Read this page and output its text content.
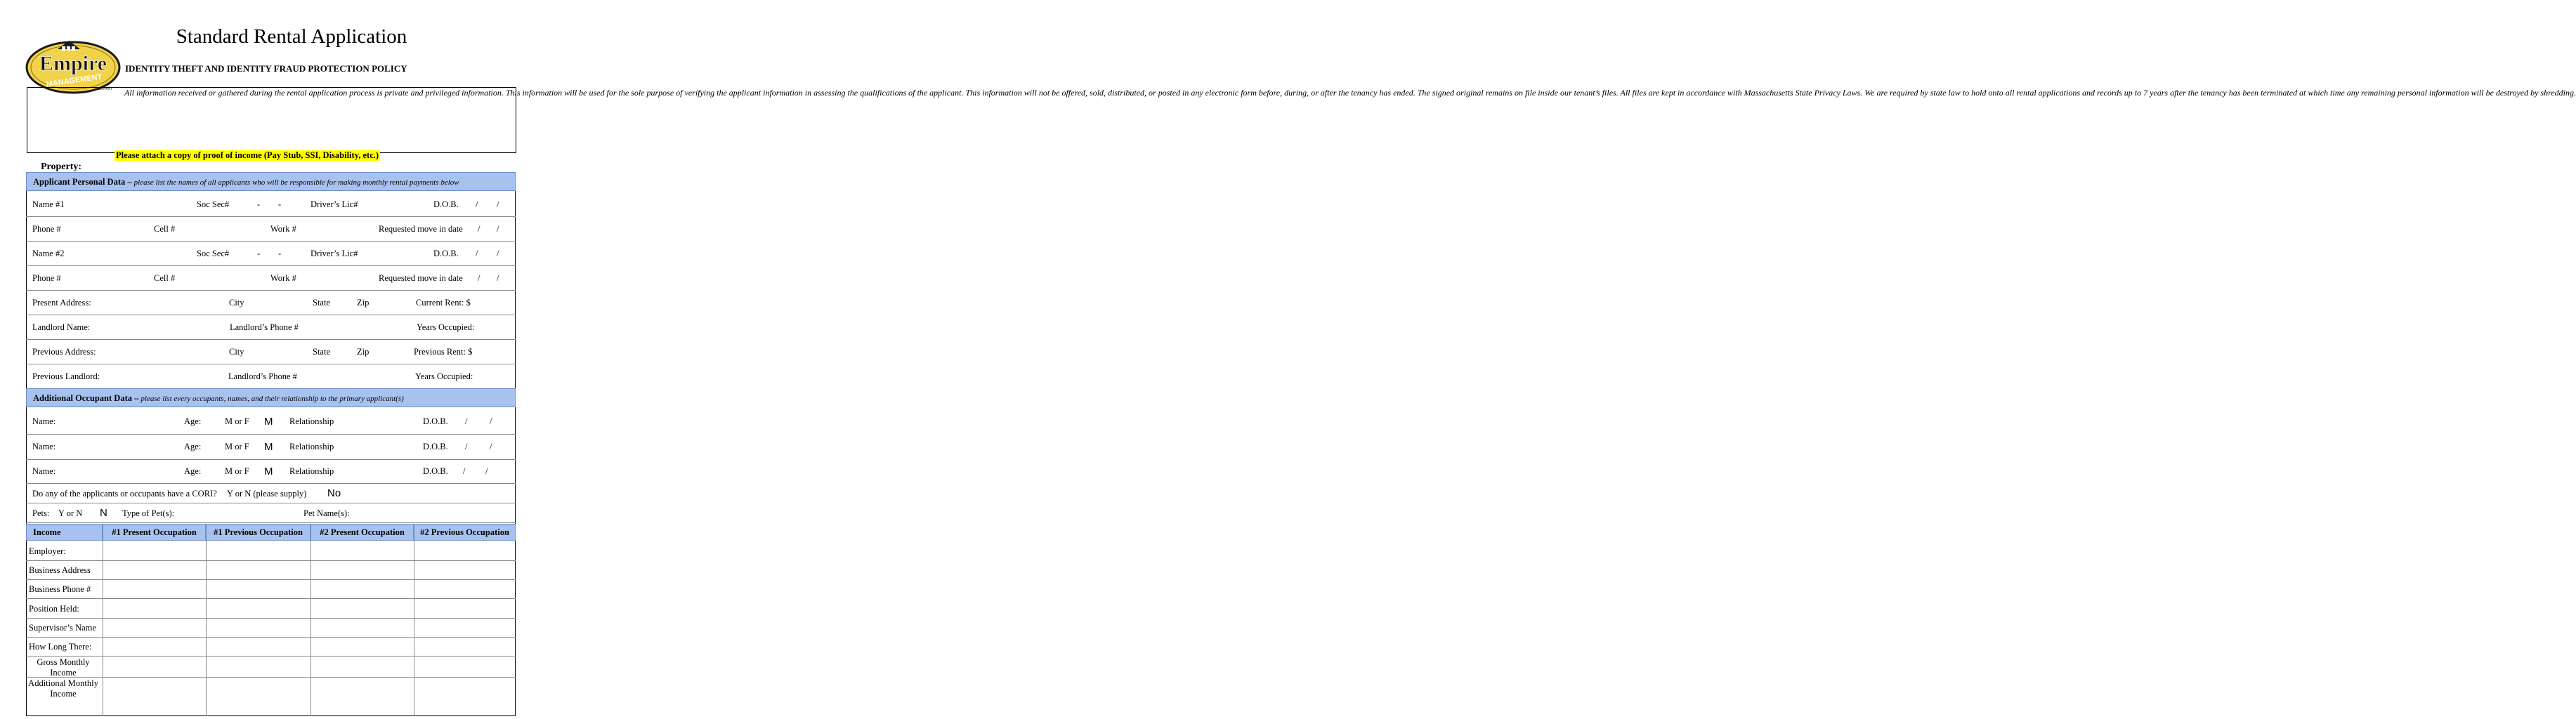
Standard Rental Application
Empire
MANAGEMENT
COMPANY
IDENTITY THEFT AND IDENTITY FRAUD PROTECTION POLICY
All information received or gathered during the rental application process is private and privileged information. This information will be used for the sole purpose of verifying the applicant information in assessing the qualifications of the applicant. This information will not be offered, sold, distributed, or posted in any electronic form before, during, or after the tenancy has ended. The signed original remains on file inside our tenant’s files. All files are kept in accordance with Massachusetts State Privacy Laws. We are required by state law to hold onto all rental applications and records up to 7 years after the tenancy has been terminated at which time any remaining personal information will be destroyed by shredding.
Please attach a copy of proof of income (Pay Stub, SSI, Disability, etc.)
Property:
Applicant Personal Data – please list the names of all applicants who will be responsible for making monthly rental payments below
Name #1	Soc Sec#	- -	Driver’s Lic#	D.O.B. / /
Phone #	Cell #	Work #	Requested move in date / /
Name #2	Soc Sec#	- -	Driver’s Lic#	D.O.B. / /
Phone #	Cell #	Work #	Requested move in date / /
Present Address:	City	State	Zip	Current Rent: $
Landlord Name:	Landlord’s Phone #	Years Occupied:
Previous Address:	City	State	Zip	Previous Rent: $
Previous Landlord:	Landlord’s Phone #	Years Occupied:
Additional Occupant Data – please list every occupants, names, and their relationship to the primary applicant(s)
Name:	Age:	M or F M Relationship	D.O.B. /	/
Name:	Age:	M or F M Relationship	D.O.B. /	/
Name:	Age:	M or F M Relationship	D.O.B. / /
Do any of the applicants or occupants have a CORI? Y or N (please supply) No
Pets: Y or N N Type of Pet(s):	Pet Name(s):
Income	#1 Present Occupation	#1 Previous Occupation	#2 Present Occupation	#2 Previous Occupation
Employer:
Business Address
Business Phone #
Position Held:
Supervisor’s Name
How Long There:
Gross Monthly Income
Additional Monthly Income
